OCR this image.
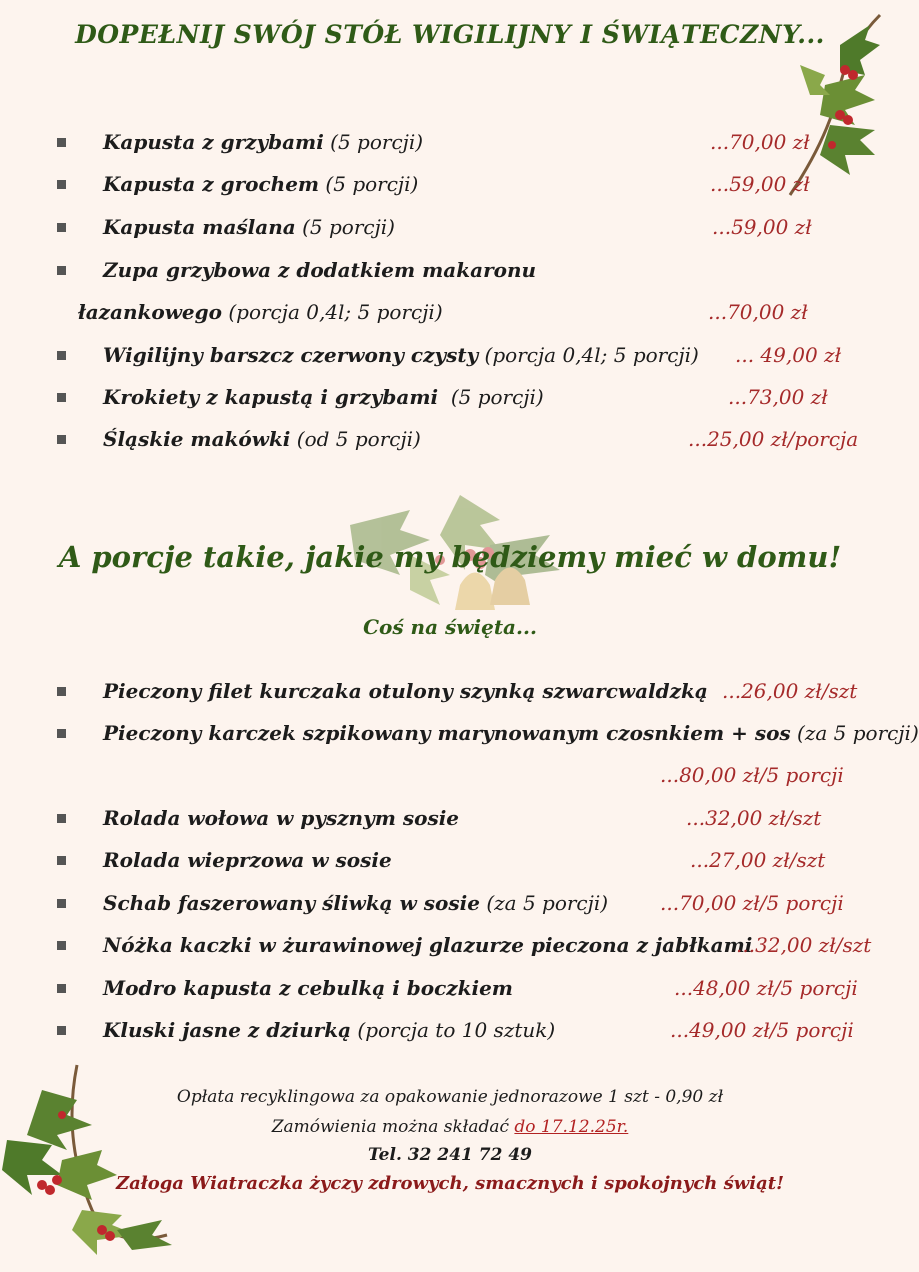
DOPEŁNIJ SWÓJ STÓŁ WIGILIJNY I ŚWIĄTECZNY...
Kapusta z grzybami (5 porcji)	...70,00 zł
Kapusta z grochem (5 porcji)	...59,00 zł
Kapusta maślana (5 porcji)	...59,00 zł
Zupa grzybowa z dodatkiem makaronu
łazankowego (porcja 0,4l; 5 porcji)	...70,00 zł
Wigilijny barszcz czerwony czysty (porcja 0,4l; 5 porcji) ... 49,00 zł
Krokiety z kapustą i grzybami  (5 porcji)	...73,00 zł
Śląskie makówki (od 5 porcji)	...25,00 zł/porcja
A porcje takie, jakie my będziemy mieć w domu!
Coś na święta...
Pieczony filet kurczaka otulony szynką szwarcwaldzką ...26,00 zł/szt
Pieczony karczek szpikowany marynowanym czosnkiem + sos (za 5 porcji)
...80,00 zł/5 porcji
Rolada wołowa w pysznym sosie	...32,00 zł/szt
Rolada wieprzowa w sosie	...27,00 zł/szt
Schab faszerowany śliwką w sosie (za 5 porcji)	...70,00 zł/5 porcji
Nóżka kaczki w żurawinowej glazurze pieczona z jabłkami
...32,00 zł/szt
Modro kapusta z cebulką i boczkiem	...48,00 zł/5 porcji
Kluski jasne z dziurką (porcja to 10 sztuk)	...49,00 zł/5 porcji
Opłata recyklingowa za opakowanie jednorazowe 1 szt - 0,90 zł
Zamówienia można składać do 17.12.25r.
Tel. 32 241 72 49
Załoga Wiatraczka życzy zdrowych, smacznych i spokojnych świąt!
